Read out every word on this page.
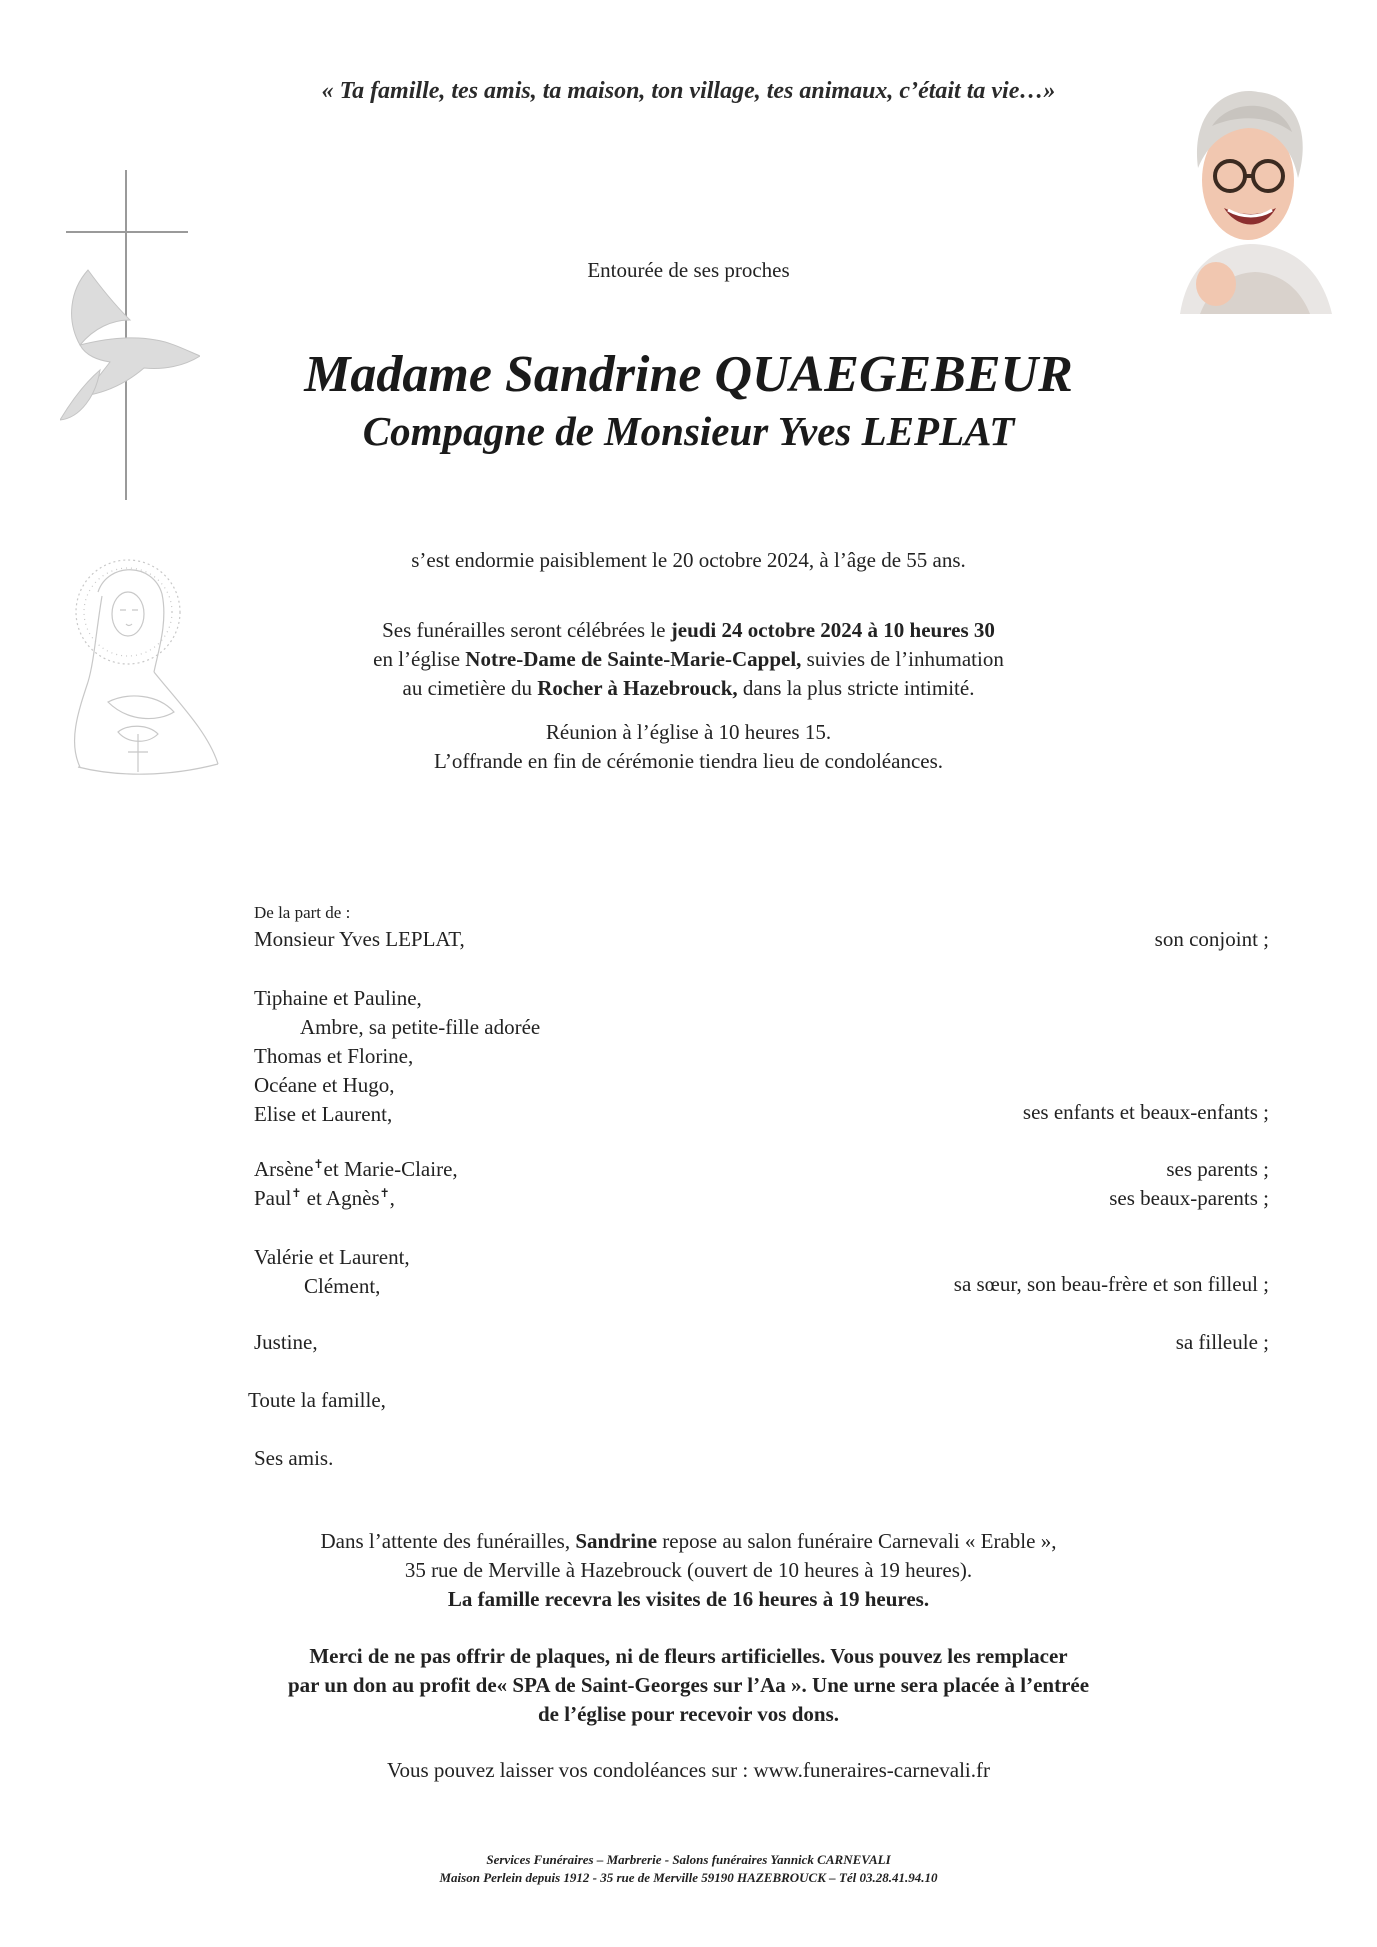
« Ta famille, tes amis, ta maison, ton village, tes animaux, c’était ta vie…»
Entourée de ses proches
Madame Sandrine QUAEGEBEUR
Compagne de Monsieur Yves LEPLAT
s’est endormie paisiblement le 20 octobre 2024, à l’âge de 55 ans.
Ses funérailles seront célébrées le jeudi 24 octobre 2024 à 10 heures 30
en l’église Notre-Dame de Sainte-Marie-Cappel, suivies de l’inhumation
au cimetière du Rocher à Hazebrouck, dans la plus stricte intimité.
Réunion à l’église à 10 heures 15.
L’offrande en fin de cérémonie tiendra lieu de condoléances.
De la part de :
Monsieur Yves LEPLAT,	son conjoint ;
Tiphaine et Pauline,
Ambre, sa petite-fille adorée
Thomas et Florine,
Océane et Hugo,
Elise et Laurent,	ses enfants et beaux-enfants ;
Arsène✝et Marie-Claire,	ses parents ;
Paul✝ et Agnès✝,	ses beaux-parents ;
Valérie et Laurent,
Clément,	sa sœur, son beau-frère et son filleul ;
Justine,	sa filleule ;
Toute la famille,
Ses amis.
Dans l’attente des funérailles, Sandrine repose au salon funéraire Carnevali « Erable »,
35 rue de Merville à Hazebrouck (ouvert de 10 heures à 19 heures).
La famille recevra les visites de 16 heures à 19 heures.
Merci de ne pas offrir de plaques, ni de fleurs artificielles. Vous pouvez les remplacer
par un don au profit de« SPA de Saint-Georges sur l’Aa ». Une urne sera placée à l’entrée
de l’église pour recevoir vos dons.
Vous pouvez laisser vos condoléances sur : www.funeraires-carnevali.fr
Services Funéraires – Marbrerie - Salons funéraires Yannick CARNEVALI
Maison Perlein depuis 1912 - 35 rue de Merville 59190 HAZEBROUCK – Tél 03.28.41.94.10
